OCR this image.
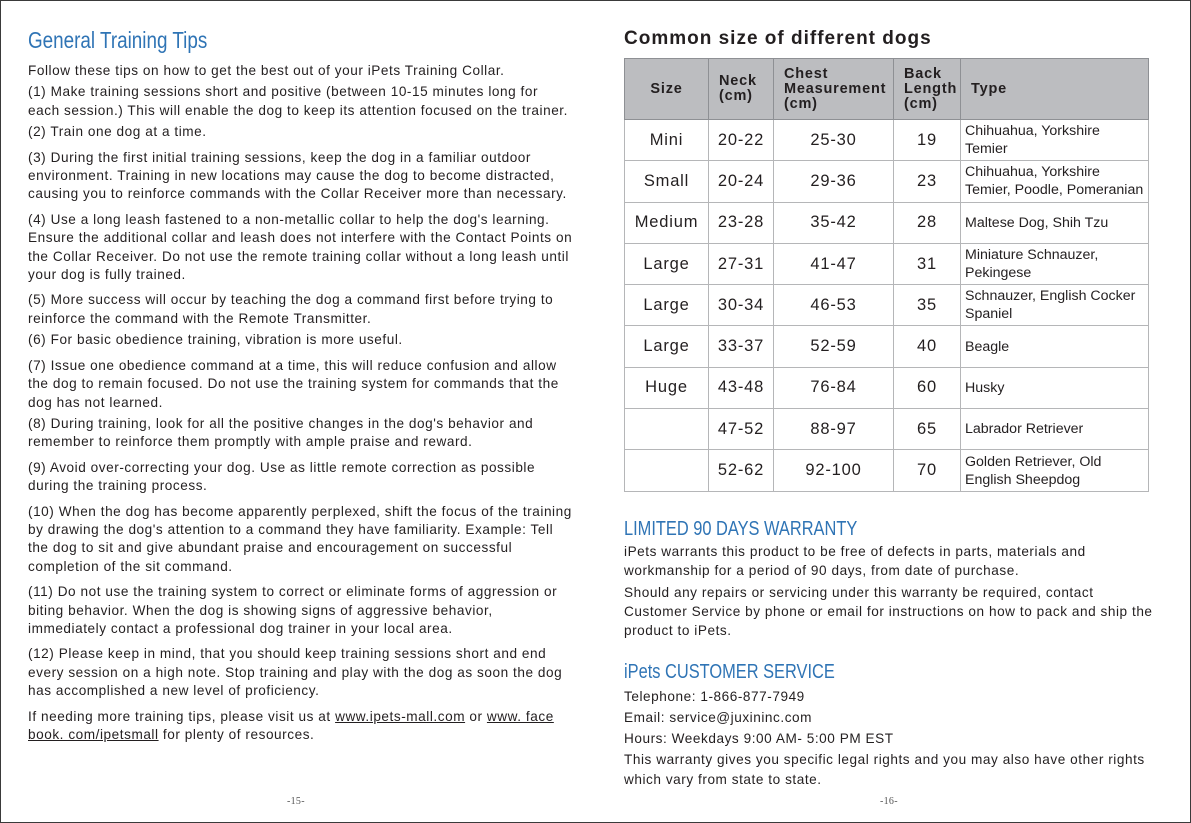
General Training Tips

Follow these tips on how to get the best out of your iPets Training Collar.

(1) Make training sessions short and positive (between 10-15 minutes long for each session.) This will enable the dog to keep its attention focused on the trainer.

(2) Train one dog at a time.

(3) During the first initial training sessions, keep the dog in a familiar outdoor environment. Training in new locations may cause the dog to become distracted, causing you to reinforce commands with the Collar Receiver more than necessary.

(4) Use a long leash fastened to a non-metallic collar to help the dog's learning. Ensure the additional collar and leash does not interfere with the Contact Points on the Collar Receiver. Do not use the remote training collar without a long leash until your dog is fully trained.

(5) More success will occur by teaching the dog a command first before trying to reinforce the command with the Remote Transmitter.

(6) For basic obedience training, vibration is more useful.

(7) Issue one obedience command at a time, this will reduce confusion and allow the dog to remain focused. Do not use the training system for commands that the dog has not learned.

(8) During training, look for all the positive changes in the dog's behavior and remember to reinforce them promptly with ample praise and reward.

(9) Avoid over-correcting your dog. Use as little remote correction as possible during the training process.

(10) When the dog has become apparently perplexed, shift the focus of the training by drawing the dog's attention to a command they have familiarity. Example: Tell the dog to sit and give abundant praise and encouragement on successful completion of the sit command.

(11) Do not use the training system to correct or eliminate forms of aggression or biting behavior. When the dog is showing signs of aggressive behavior, immediately contact a professional dog trainer in your local area.

(12) Please keep in mind, that you should keep training sessions short and end every session on a high note. Stop training and play with the dog as soon the dog has accomplished a new level of proficiency.

If needing more training tips, please visit us at www.ipets-mall.com or www. face book. com/ipetsmall for plenty of resources.

Common size of different dogs
Size	Neck (cm)	Chest Measurement (cm)	Back Length (cm)	Type
Mini	20-22	25-30	19	Chihuahua, Yorkshire Temier
Small	20-24	29-36	23	Chihuahua, Yorkshire Temier, Poodle, Pomeranian
Medium	23-28	35-42	28	Maltese Dog, Shih Tzu
Large	27-31	41-47	31	Miniature Schnauzer, Pekingese
Large	30-34	46-53	35	Schnauzer, English Cocker Spaniel
Large	33-37	52-59	40	Beagle
Huge	43-48	76-84	60	Husky
	47-52	88-97	65	Labrador Retriever
	52-62	92-100	70	Golden Retriever, Old English Sheepdog
LIMITED 90 DAYS WARRANTY

iPets warrants this product to be free of defects in parts, materials and workmanship for a period of 90 days, from date of purchase.

Should any repairs or servicing under this warranty be required, contact Customer Service by phone or email for instructions on how to pack and ship the product to iPets.

iPets CUSTOMER SERVICE

Telephone: 1-866-877-7949

Email: service@juxininc.com

Hours: Weekdays 9:00 AM- 5:00 PM EST

This warranty gives you specific legal rights and you may also have other rights which vary from state to state.

-15-	-16-
